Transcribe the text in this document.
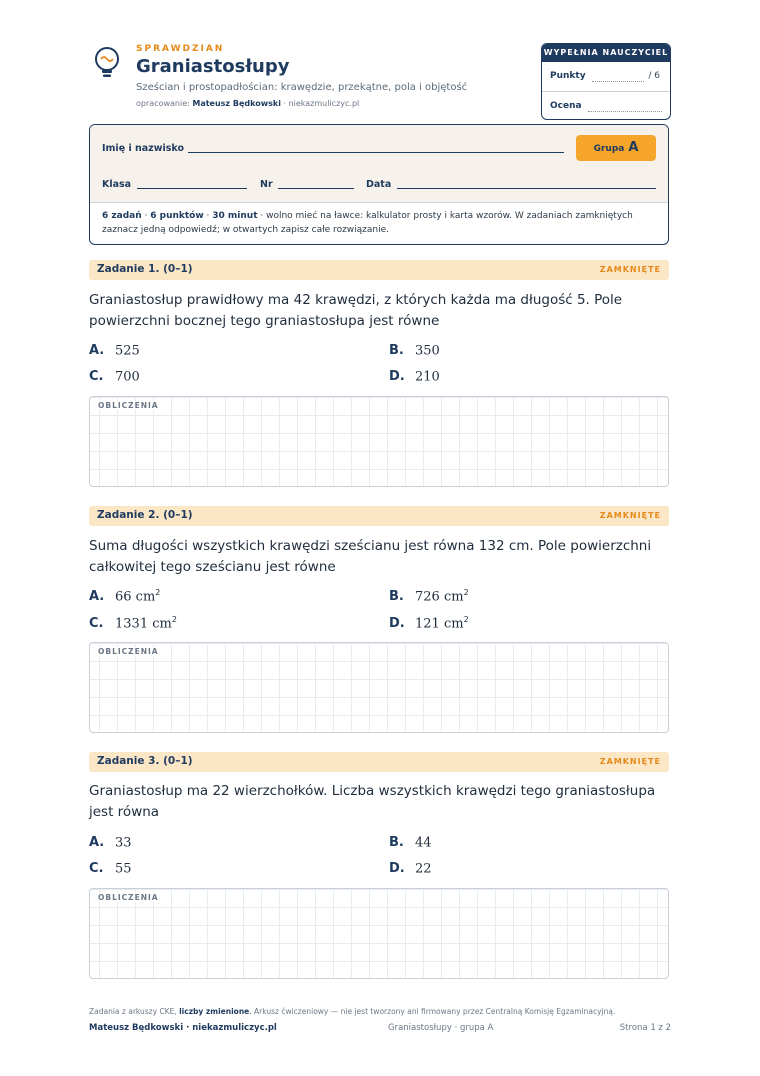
SPRAWDZIAN
Graniastosłupy
Sześcian i prostopadłościan: krawędzie, przekątne, pola i objętość
opracowanie: Mateusz Będkowski · niekazmuliczyc.pl
WYPEŁNIA NAUCZYCIEL
Punkty	/ 6
Ocena
Imię i nazwisko	Grupa A
Klasa	Nr	Data
6 zadań · 6 punktów · 30 minut · wolno mieć na ławce: kalkulator prosty i karta wzorów. W zadaniach zamkniętych zaznacz jedną odpowiedź; w otwartych zapisz całe rozwiązanie.
Zadanie 1. (0–1)	ZAMKNIĘTE
Graniastosłup prawidłowy ma 42 krawędzi, z których każda ma długość 5. Pole powierzchni bocznej tego graniastosłupa jest równe
A. 525	B. 350
C. 700	D. 210
OBLICZENIA
Zadanie 2. (0–1)	ZAMKNIĘTE
Suma długości wszystkich krawędzi sześcianu jest równa 132 cm. Pole powierzchni całkowitej tego sześcianu jest równe
A. 66 $cm^2$	B. 726 $cm^2$
C. 1331 $cm^2$	D. 121 $cm^2$
OBLICZENIA
Zadanie 3. (0–1)	ZAMKNIĘTE
Graniastosłup ma 22 wierzchołków. Liczba wszystkich krawędzi tego graniastosłupa jest równa
A. 33	B. 44
C. 55	D. 22
OBLICZENIA
Zadania z arkuszy CKE, liczby zmienione. Arkusz ćwiczeniowy — nie jest tworzony ani firmowany przez Centralną Komisję Egzaminacyjną.
Mateusz Będkowski · niekazmuliczyc.pl	Graniastosłupy · grupa A	Strona 1 z 2
